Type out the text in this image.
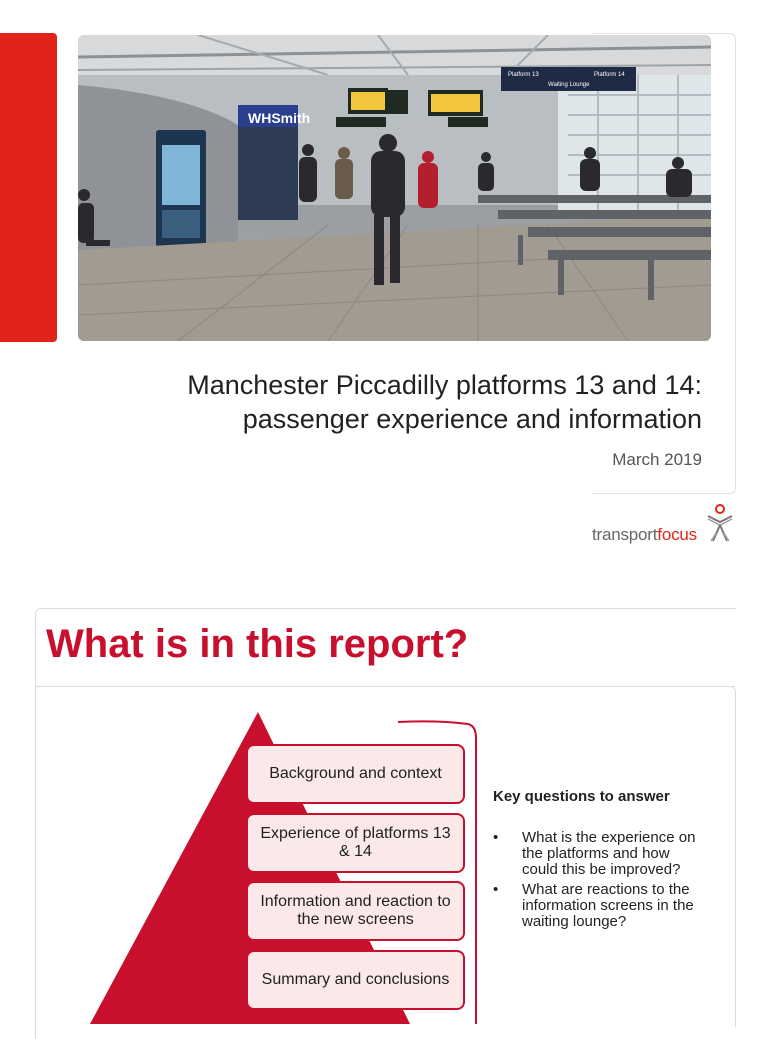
Platform 13	Platform 14
Waiting Lounge
WHSmith
Manchester Piccadilly platforms 13 and 14:
passenger experience and information
March 2019
transportfocus
What is in this report?
Background and context
Experience of platforms 13 & 14
Information and reaction to the new screens
Summary and conclusions
Key questions to answer
• What is the experience on the platforms and how could this be improved?
• What are reactions to the information screens in the waiting lounge?
